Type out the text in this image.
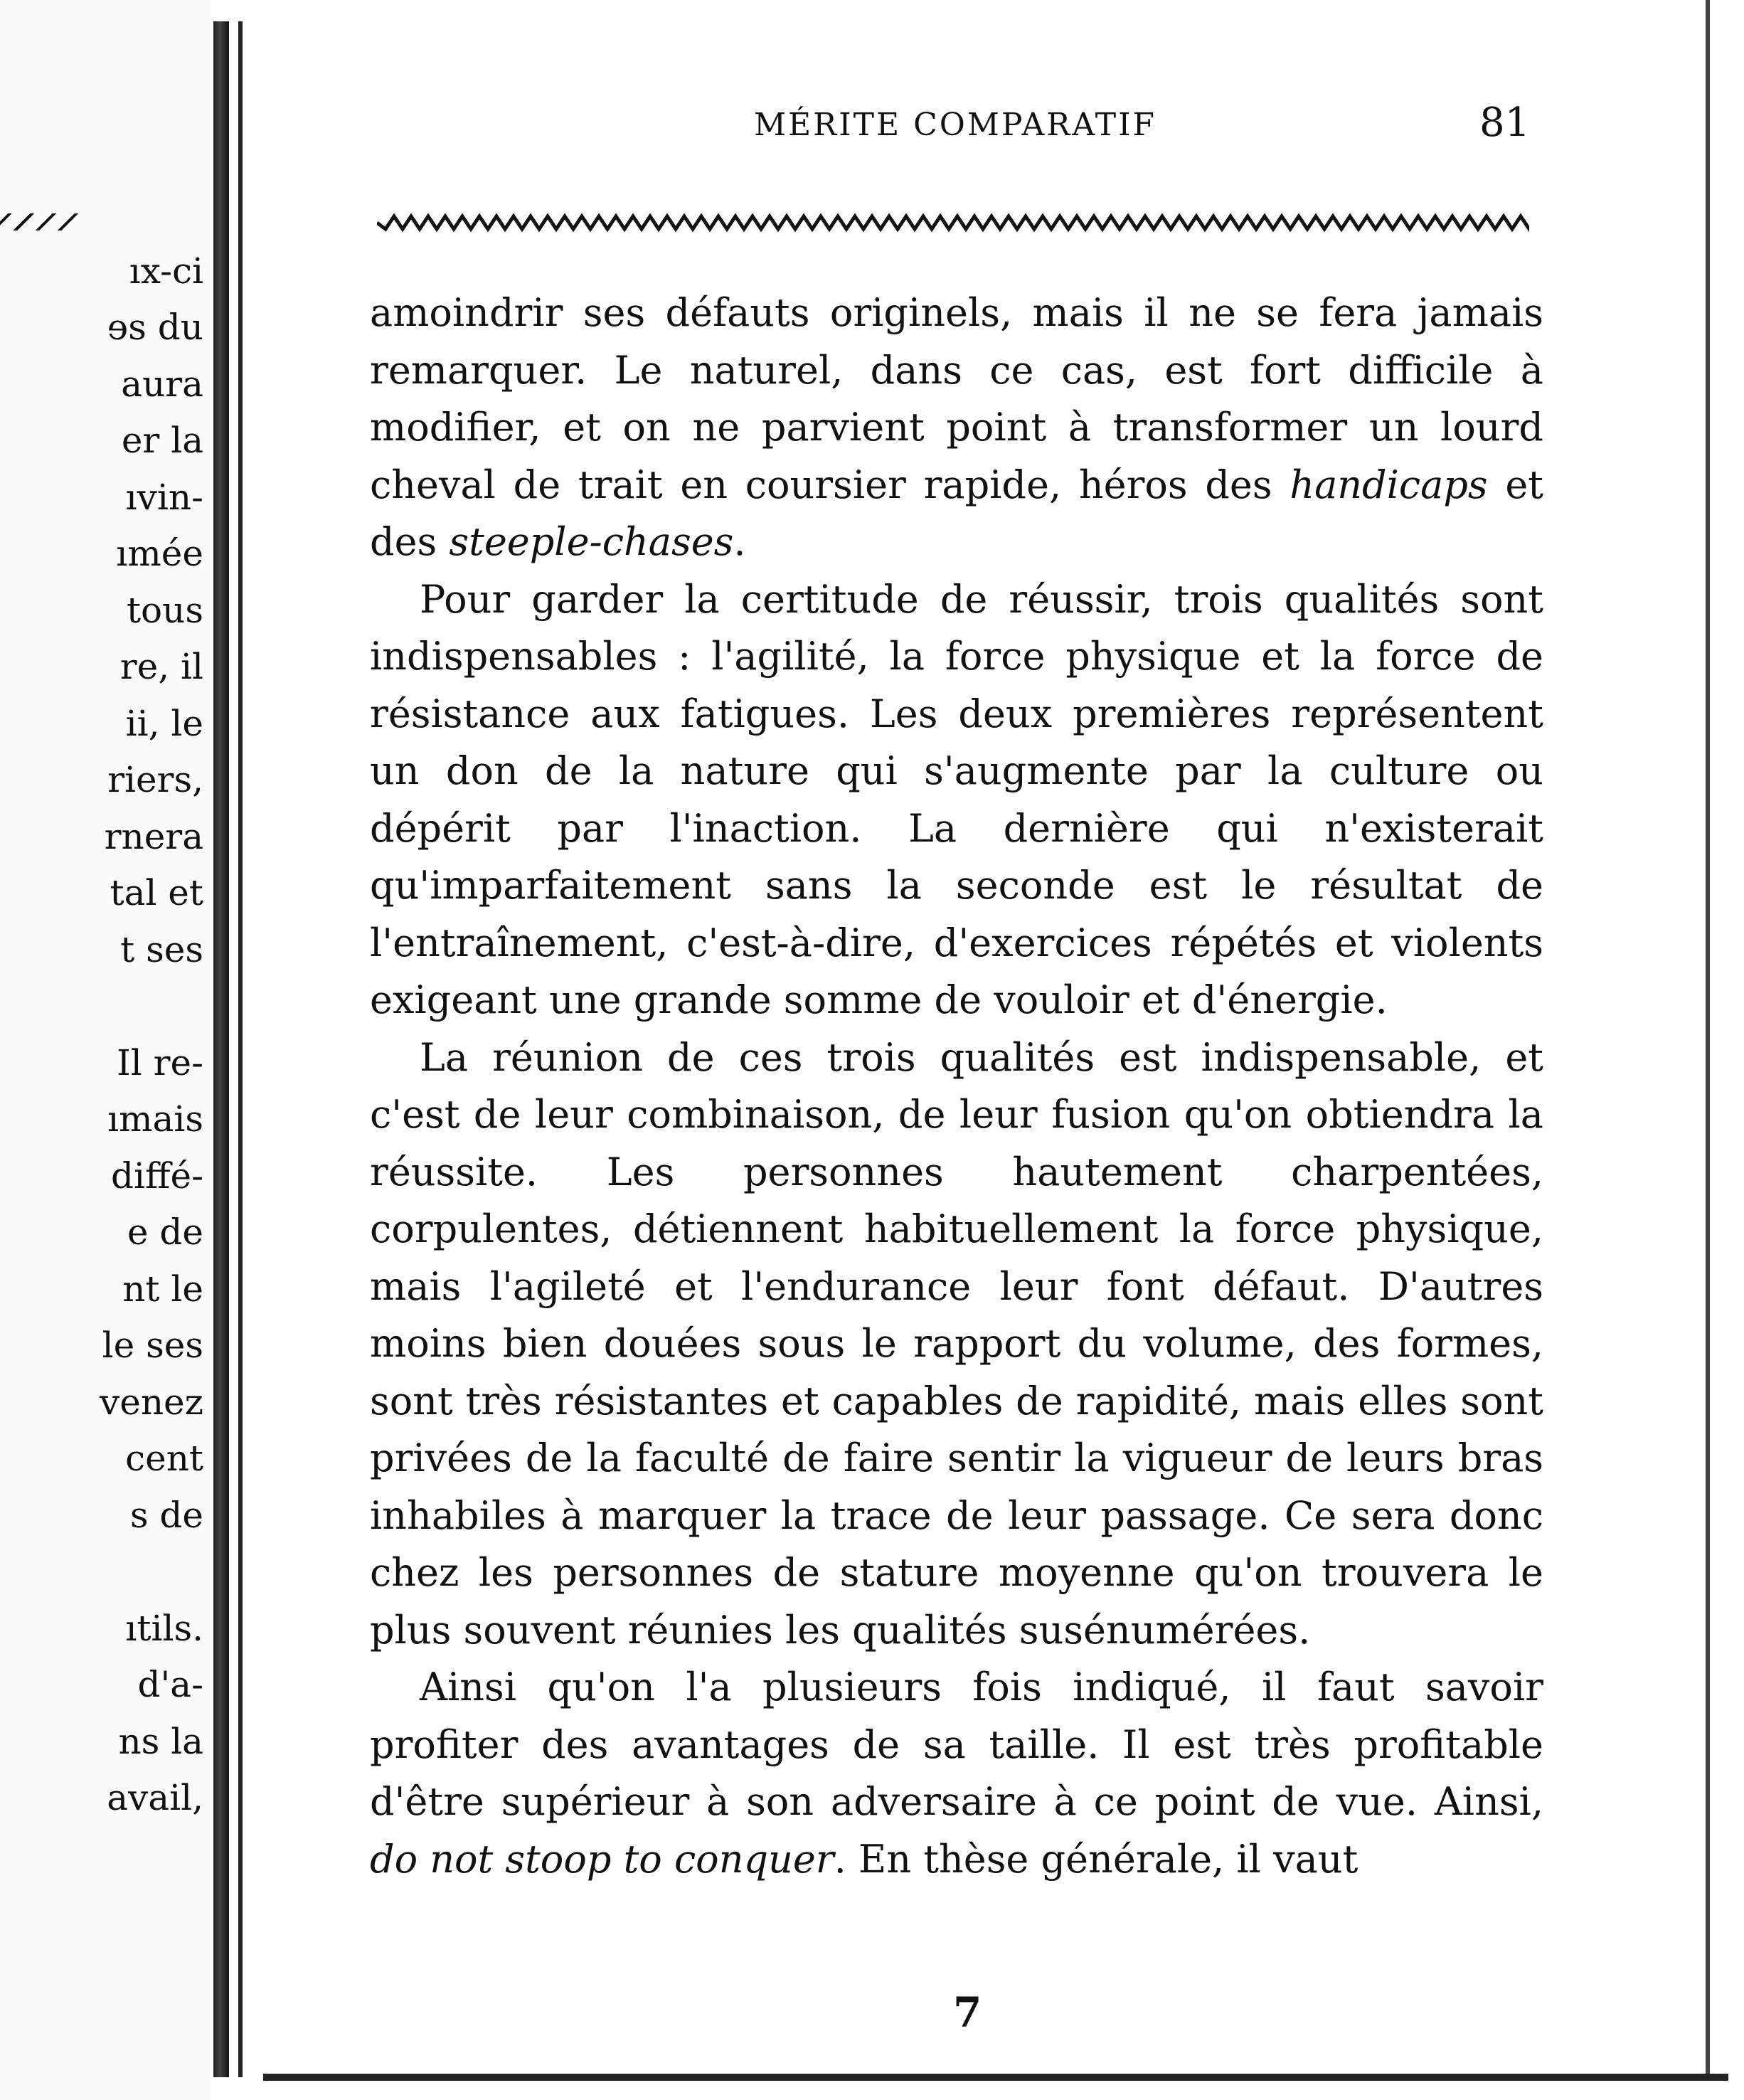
ıx-ci
ɘs du
aura
er la
ıvin-
ımée
tous
re, il
ii, le
riers,
rnera
tal et
t ses
Il re-
ımais
diffé-
e de
nt le
le ses
venez
cent
s de
ıtils.
d'a-
ns la
avail,
MÉRITE COMPARATIF	81

amoindrir ses défauts originels, mais il ne se fera jamais remarquer. Le naturel, dans ce cas, est fort difficile à modifier, et on ne parvient point à transformer un lourd cheval de trait en coursier rapide, héros des handicaps et des steeple-chases.

Pour garder la certitude de réussir, trois qualités sont indispensables : l'agilité, la force physique et la force de résistance aux fatigues. Les deux premières représentent un don de la nature qui s'augmente par la culture ou dépérit par l'inaction. La dernière qui n'existerait qu'imparfaitement sans la seconde est le résultat de l'entraînement, c'est-à-dire, d'exercices répétés et violents exigeant une grande somme de vouloir et d'énergie.

La réunion de ces trois qualités est indispensable, et c'est de leur combinaison, de leur fusion qu'on obtiendra la réussite. Les personnes hautement charpentées, corpulentes, détiennent habituellement la force physique, mais l'agileté et l'endurance leur font défaut. D'autres moins bien douées sous le rapport du volume, des formes, sont très résistantes et capables de rapidité, mais elles sont privées de la faculté de faire sentir la vigueur de leurs bras inhabiles à marquer la trace de leur passage. Ce sera donc chez les personnes de stature moyenne qu'on trouvera le plus souvent réunies les qualités susénumérées.

Ainsi qu'on l'a plusieurs fois indiqué, il faut savoir profiter des avantages de sa taille. Il est très profitable d'être supérieur à son adversaire à ce point de vue. Ainsi, do not stoop to conquer. En thèse générale, il vaut

7
